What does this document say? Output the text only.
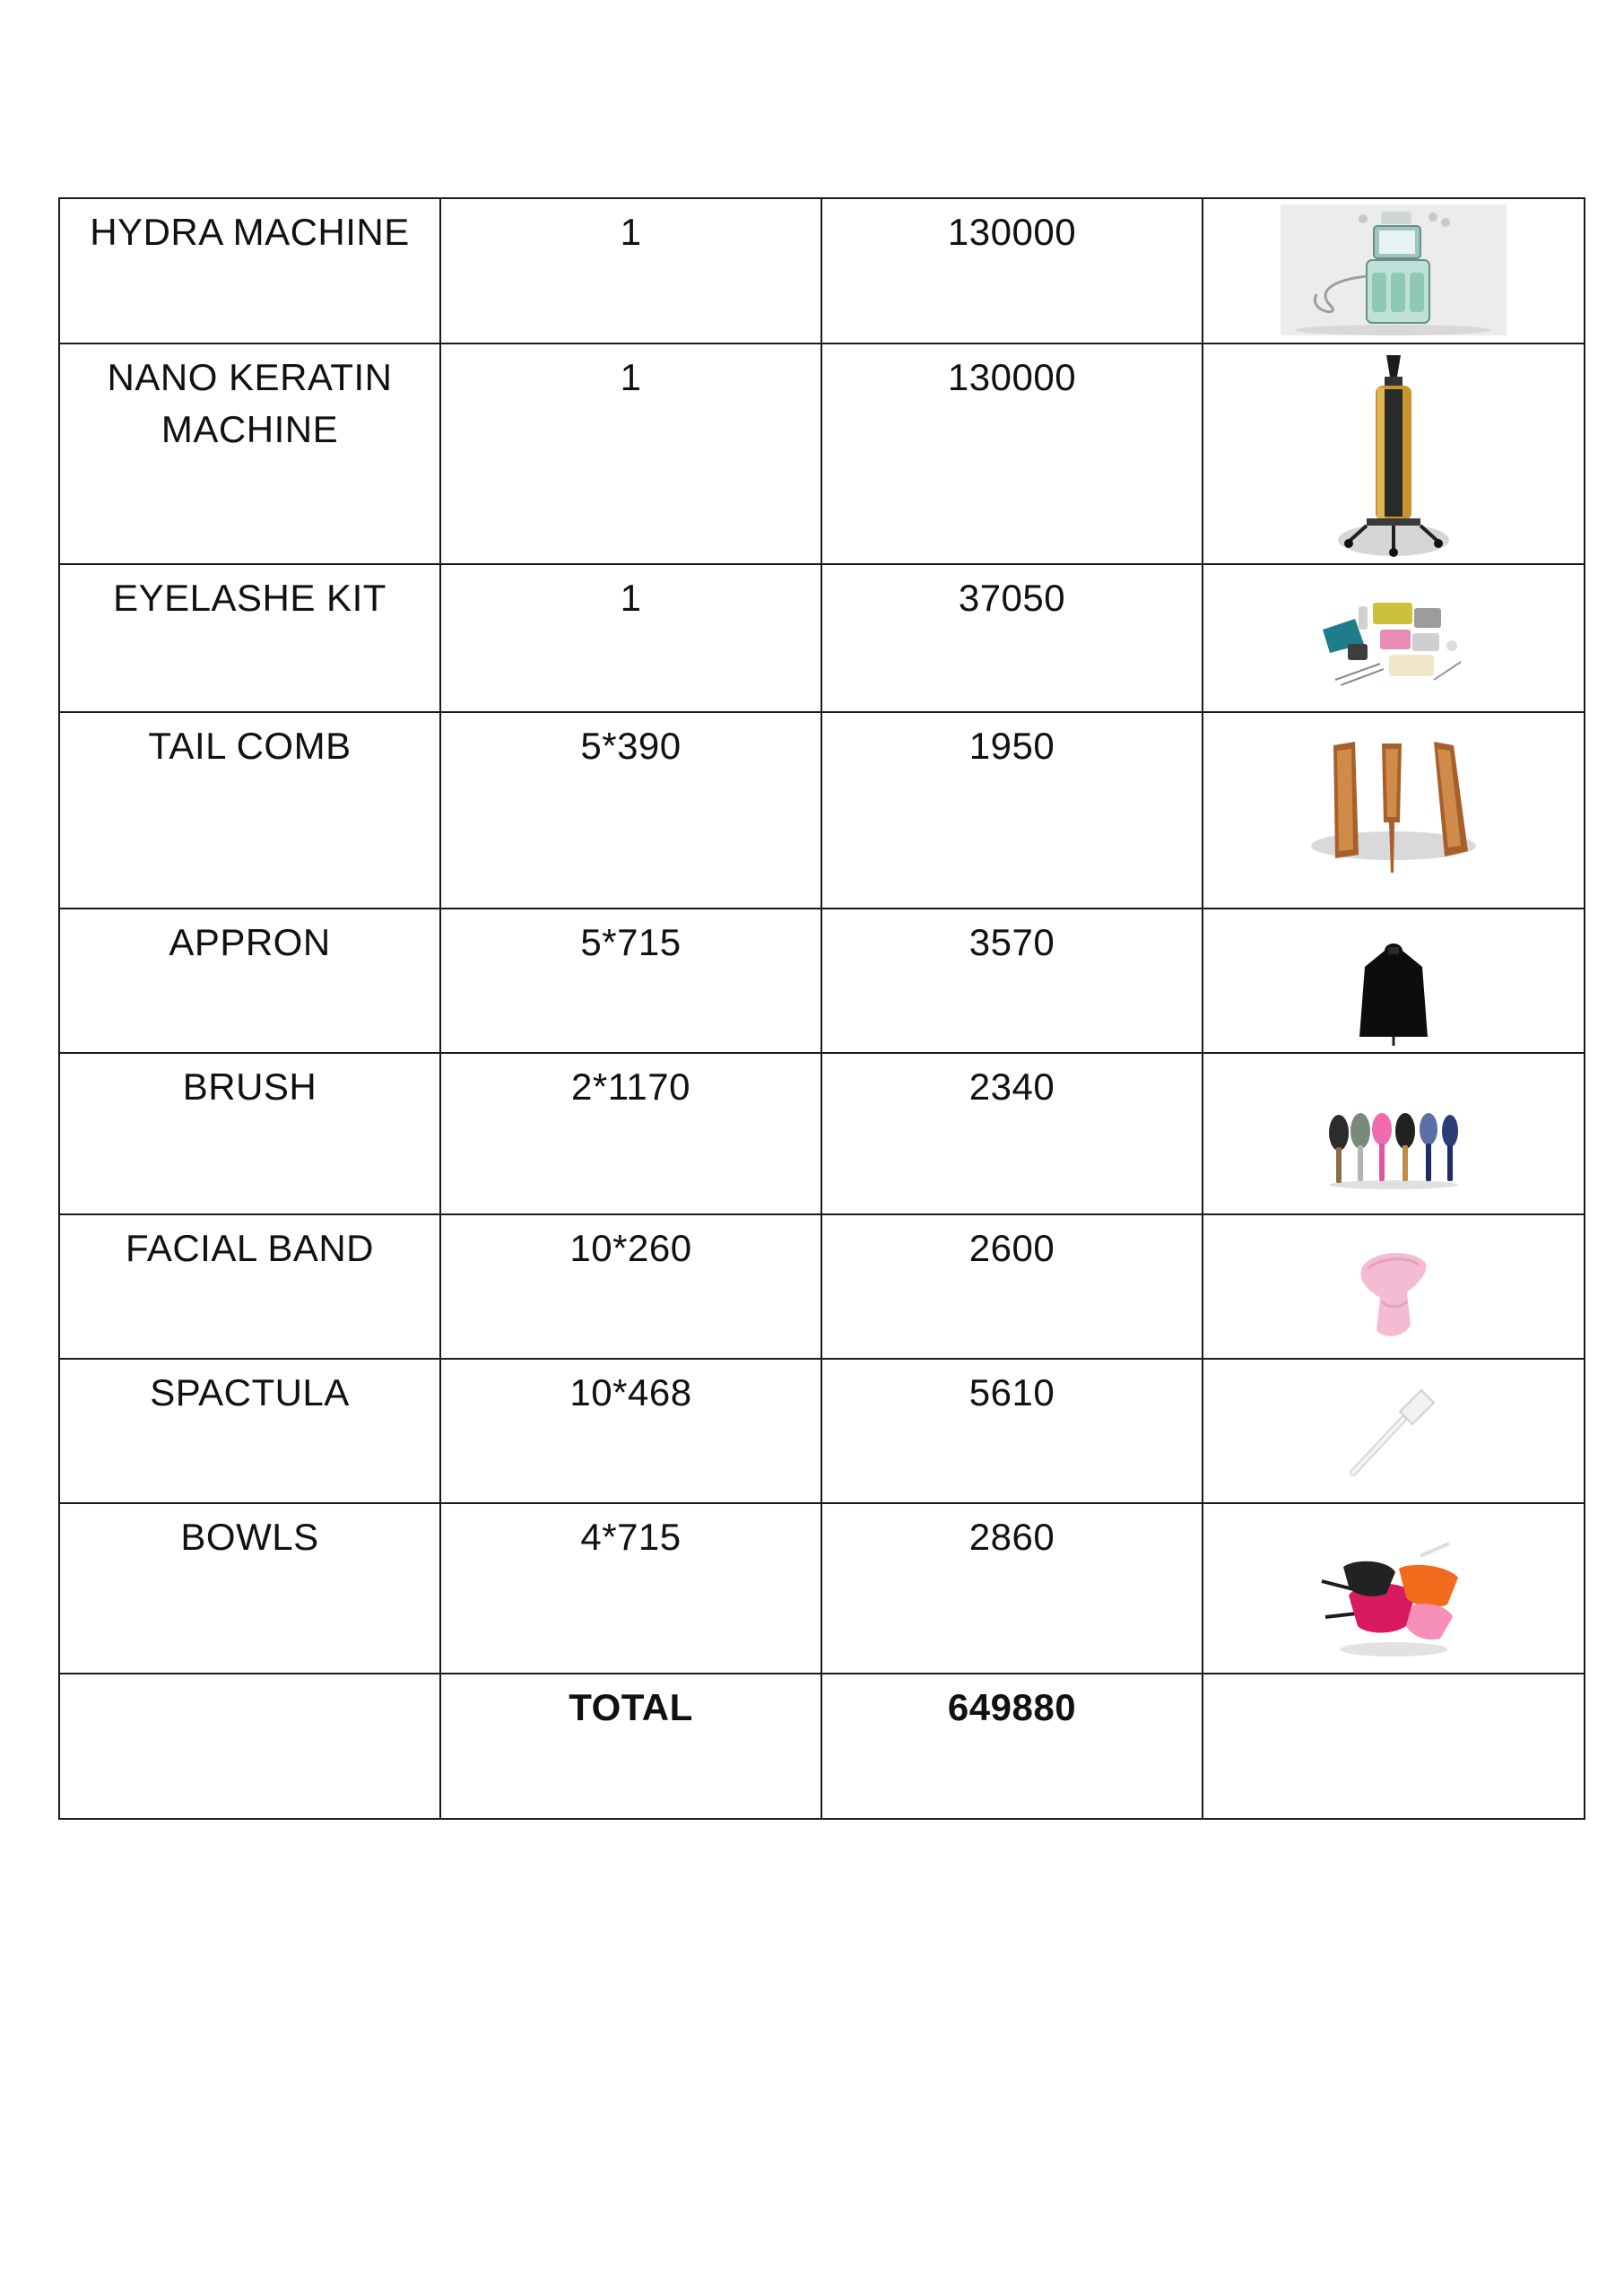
HYDRA MACHINE	1	130000

NANO KERATIN MACHINE	1	130000

EYELASHE KIT	1	37050

TAIL COMB	5*390	1950

APPRON	5*715	3570

BRUSH	2*1170	2340

FACIAL BAND	10*260	2600

SPACTULA	10*468	5610

BOWLS	4*715	2860

	TOTAL	649880	
